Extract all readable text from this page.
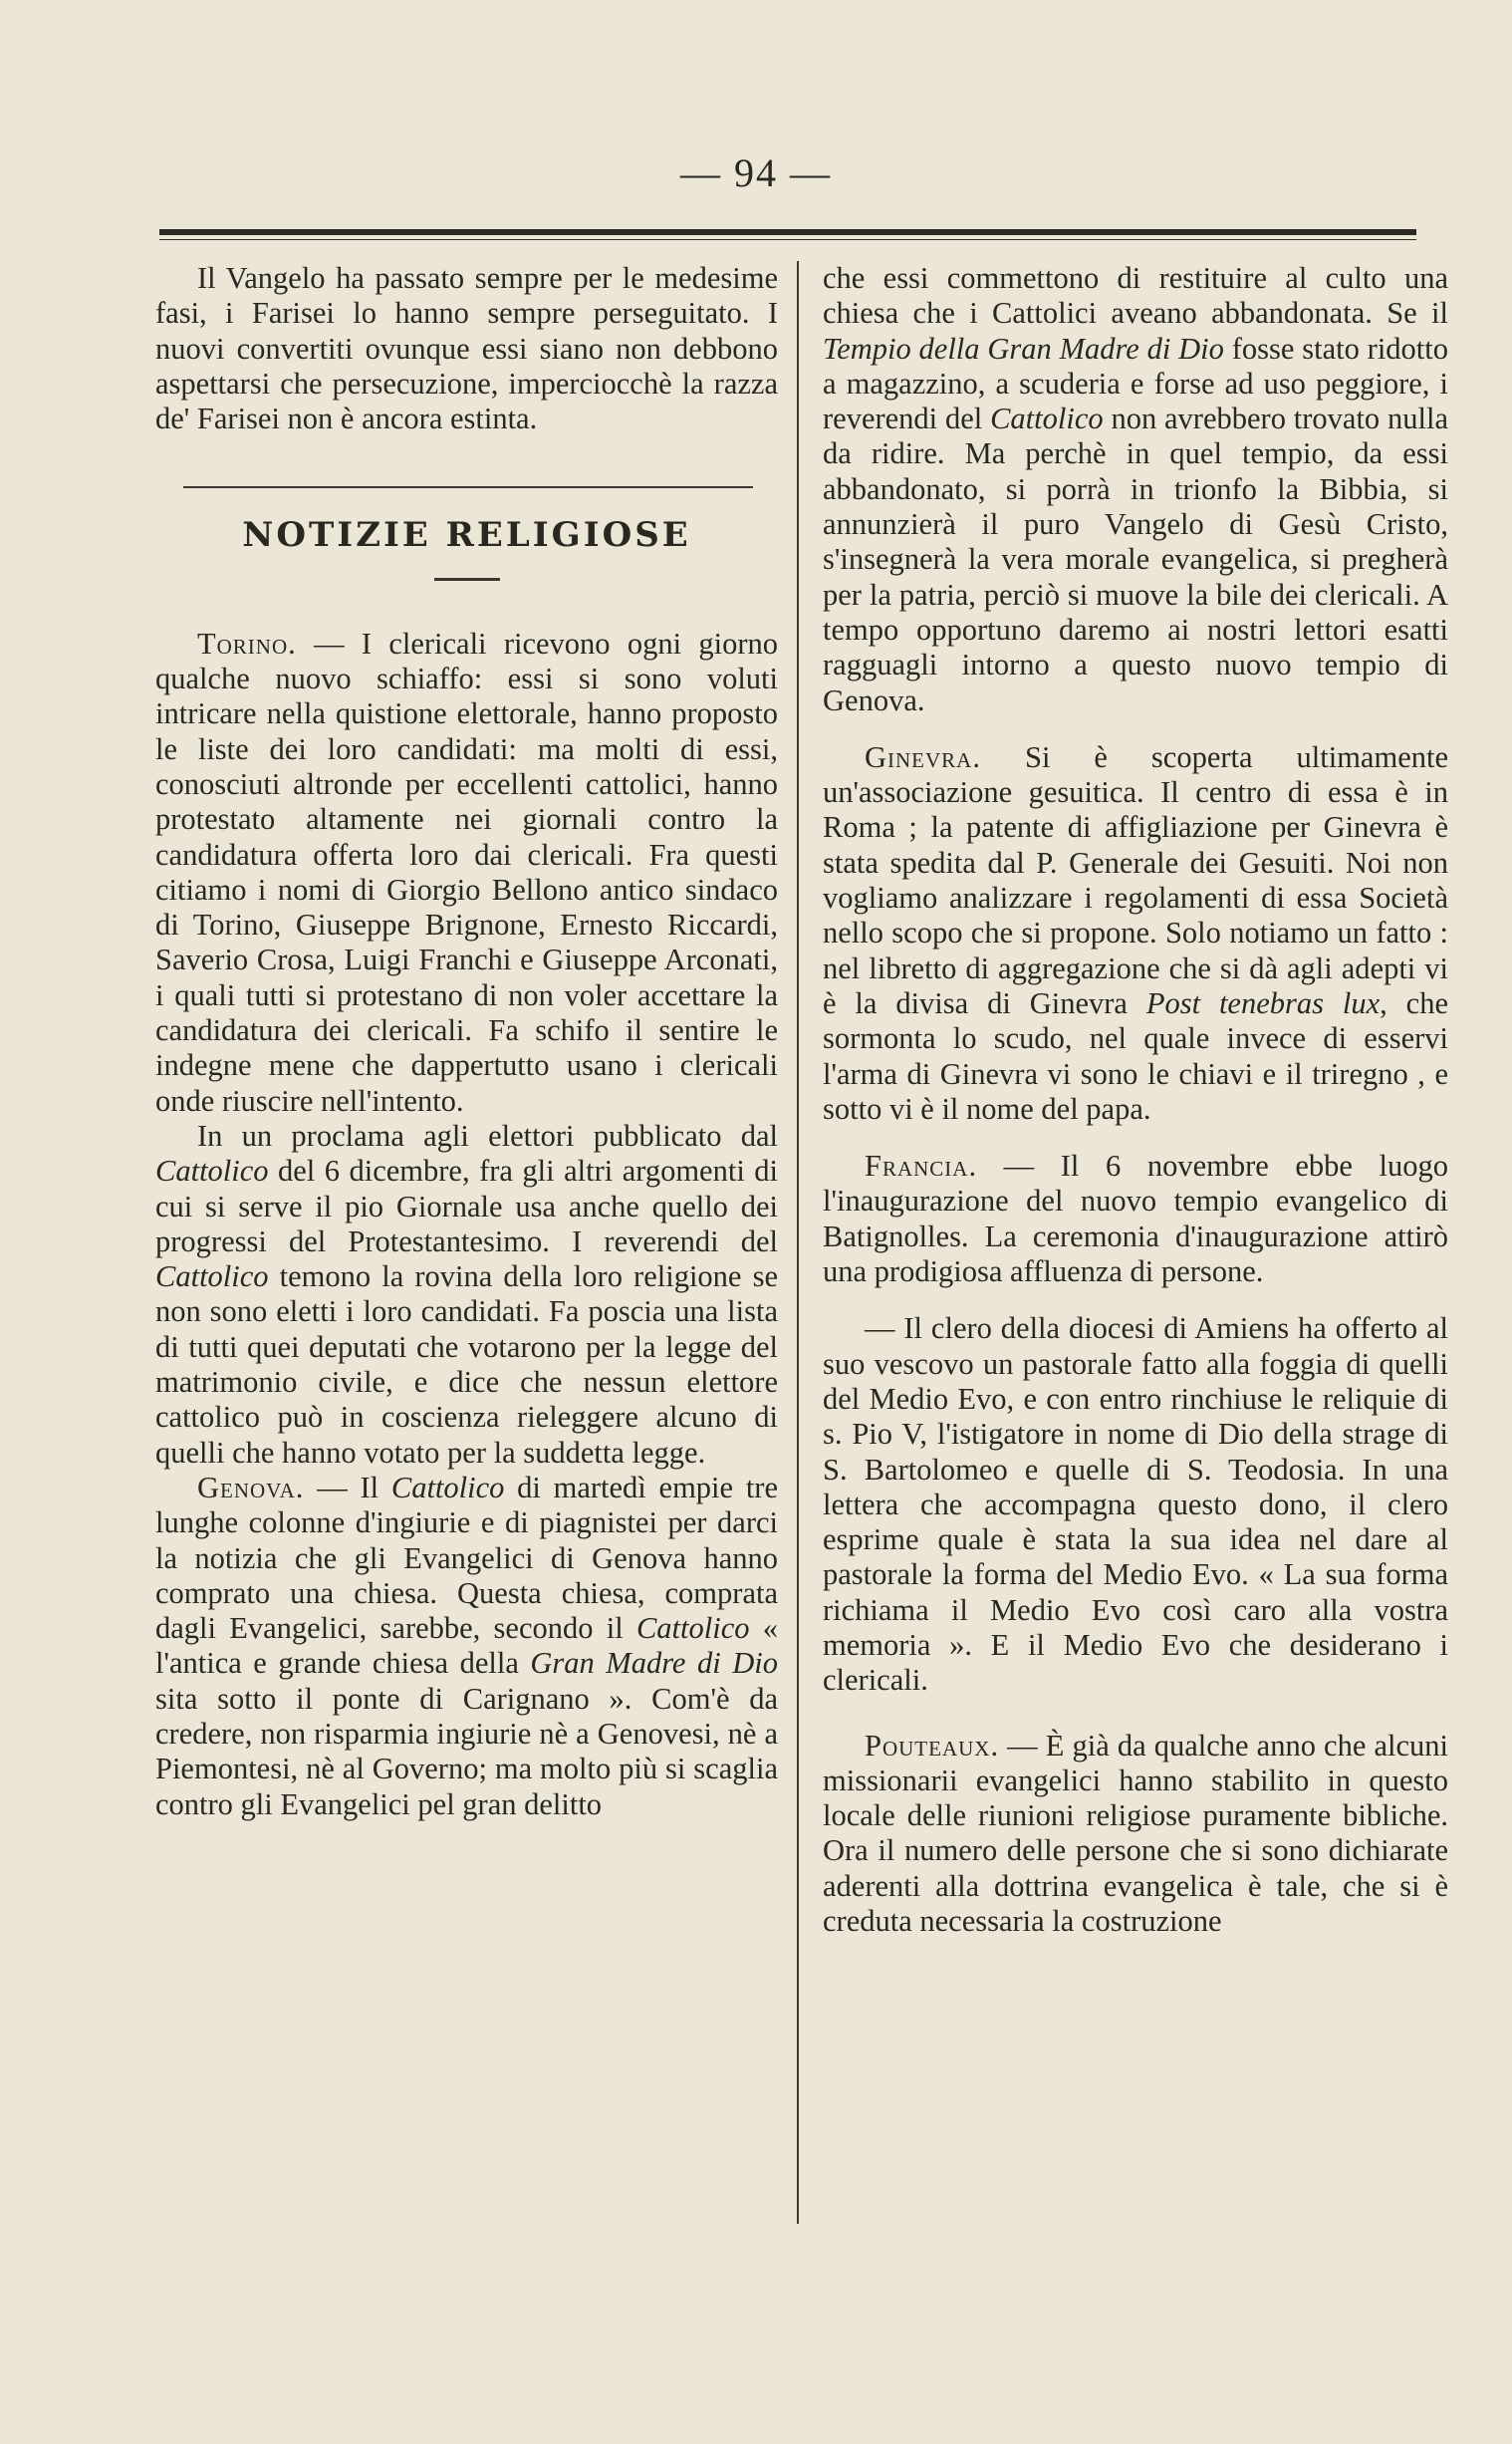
— 94 —

Il Vangelo ha passato sempre per le medesime fasi, i Farisei lo hanno sempre perseguitato. I nuovi convertiti ovunque essi siano non debbono aspettarsi che persecuzione, imperciocchè la razza de' Farisei non è ancora estinta.

NOTIZIE RELIGIOSE

Torino. — I clericali ricevono ogni giorno qualche nuovo schiaffo: essi si sono voluti intricare nella quistione elettorale, hanno proposto le liste dei loro candidati: ma molti di essi, conosciuti altronde per eccellenti cattolici, hanno protestato altamente nei giornali contro la candidatura offerta loro dai clericali. Fra questi citiamo i nomi di Giorgio Bellono antico sindaco di Torino, Giuseppe Brignone, Ernesto Riccardi, Saverio Crosa, Luigi Franchi e Giuseppe Arconati, i quali tutti si protestano di non voler accettare la candidatura dei clericali. Fa schifo il sentire le indegne mene che dappertutto usano i clericali onde riuscire nell'intento.

In un proclama agli elettori pubblicato dal Cattolico del 6 dicembre, fra gli altri argomenti di cui si serve il pio Giornale usa anche quello dei progressi del Protestantesimo. I reverendi del Cattolico temono la rovina della loro religione se non sono eletti i loro candidati. Fa poscia una lista di tutti quei deputati che votarono per la legge del matrimonio civile, e dice che nessun elettore cattolico può in coscienza rieleggere alcuno di quelli che hanno votato per la suddetta legge.

Genova. — Il Cattolico di martedì empie tre lunghe colonne d'ingiurie e di piagnistei per darci la notizia che gli Evangelici di Genova hanno comprato una chiesa. Questa chiesa, comprata dagli Evangelici, sarebbe, secondo il Cattolico « l'antica e grande chiesa della Gran Madre di Dio sita sotto il ponte di Carignano ». Com'è da credere, non risparmia ingiurie nè a Genovesi, nè a Piemontesi, nè al Governo; ma molto più si scaglia contro gli Evangelici pel gran delitto

che essi commettono di restituire al culto una chiesa che i Cattolici aveano abbandonata. Se il Tempio della Gran Madre di Dio fosse stato ridotto a magazzino, a scuderia e forse ad uso peggiore, i reverendi del Cattolico non avrebbero trovato nulla da ridire. Ma perchè in quel tempio, da essi abbandonato, si porrà in trionfo la Bibbia, si annunzierà il puro Vangelo di Gesù Cristo, s'insegnerà la vera morale evangelica, si pregherà per la patria, perciò si muove la bile dei clericali. A tempo opportuno daremo ai nostri lettori esatti ragguagli intorno a questo nuovo tempio di Genova.

Ginevra. Si è scoperta ultimamente un'associazione gesuitica. Il centro di essa è in Roma ; la patente di affigliazione per Ginevra è stata spedita dal P. Generale dei Gesuiti. Noi non vogliamo analizzare i regolamenti di essa Società nello scopo che si propone. Solo notiamo un fatto : nel libretto di aggregazione che si dà agli adepti vi è la divisa di Ginevra Post tenebras lux, che sormonta lo scudo, nel quale invece di esservi l'arma di Ginevra vi sono le chiavi e il triregno , e sotto vi è il nome del papa.

Francia. — Il 6 novembre ebbe luogo l'inaugurazione del nuovo tempio evangelico di Batignolles. La ceremonia d'inaugurazione attirò una prodigiosa affluenza di persone.

— Il clero della diocesi di Amiens ha offerto al suo vescovo un pastorale fatto alla foggia di quelli del Medio Evo, e con entro rinchiuse le reliquie di s. Pio V, l'istigatore in nome di Dio della strage di S. Bartolomeo e quelle di S. Teodosia. In una lettera che accompagna questo dono, il clero esprime quale è stata la sua idea nel dare al pastorale la forma del Medio Evo. « La sua forma richiama il Medio Evo così caro alla vostra memoria ». E il Medio Evo che desiderano i clericali.

Pouteaux. — È già da qualche anno che alcuni missionarii evangelici hanno stabilito in questo locale delle riunioni religiose puramente bibliche. Ora il numero delle persone che si sono dichiarate aderenti alla dottrina evangelica è tale, che si è creduta necessaria la costruzione
